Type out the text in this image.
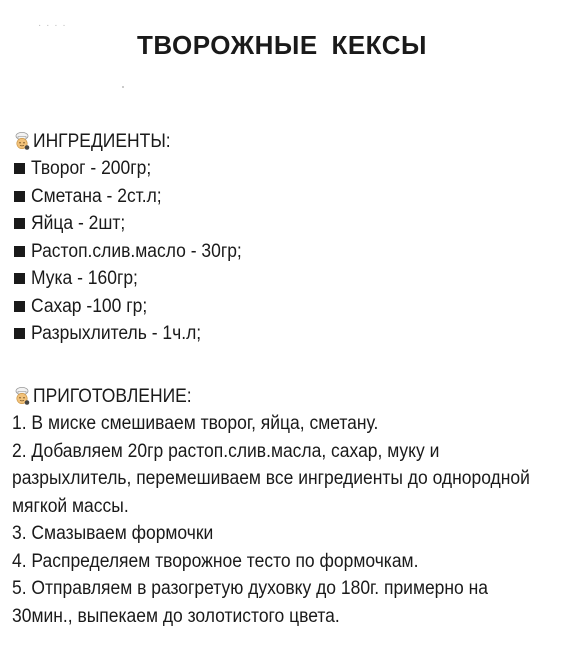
· · · ·
ТВОРОЖНЫЕ КЕКСЫ
ИНГРЕДИЕНТЫ:
Творог - 200гр;
Сметана - 2ст.л;
Яйца - 2шт;
Растоп.слив.масло - 30гр;
Мука - 160гр;
Сахар -100 гр;
Разрыхлитель - 1ч.л;
ПРИГОТОВЛЕНИЕ:
1. В миске смешиваем творог, яйца, сметану.
2. Добавляем 20гр растоп.слив.масла, сахар, муку и разрыхлитель, перемешиваем все ингредиенты до однородной мягкой массы.
3. Смазываем формочки
4. Распределяем творожное тесто по формочкам.
5. Отправляем в разогретую духовку до 180г. примерно на 30мин., выпекаем до золотистого цвета.
